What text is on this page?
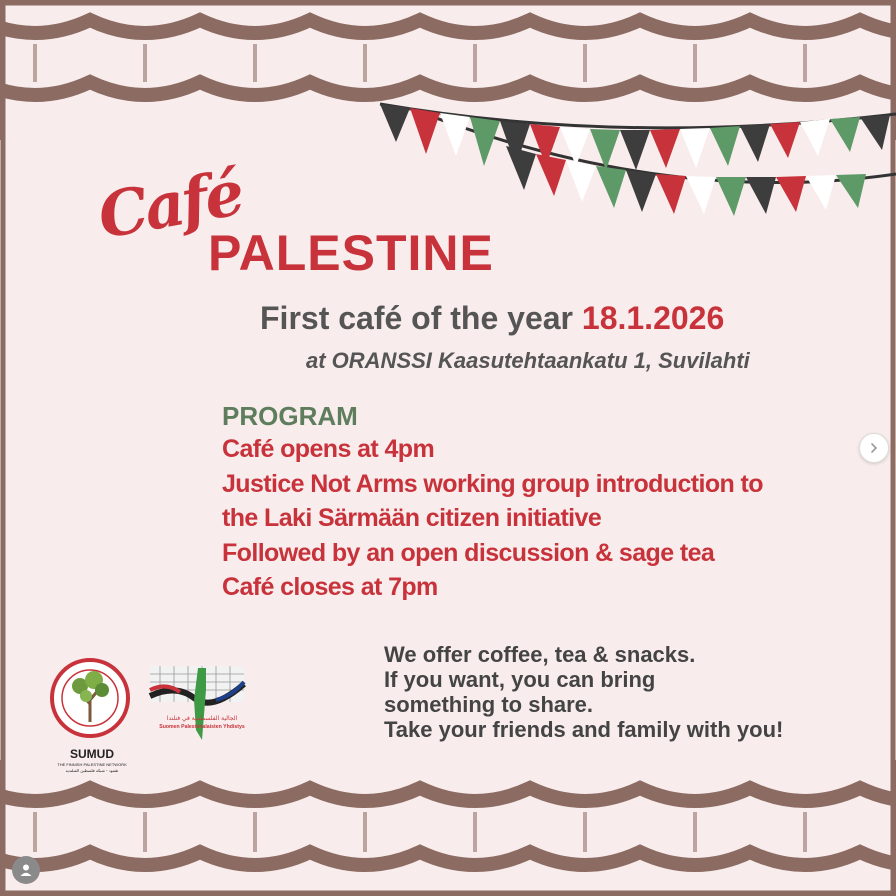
Café
PALESTINE
First café of the year 18.1.2026
at ORANSSI Kaasutehtaankatu 1, Suvilahti
PROGRAM
Café opens at 4pm
Justice Not Arms working group introduction to
the Laki Särmään citizen initiative
Followed by an open discussion & sage tea
Café closes at 7pm
We offer coffee, tea & snacks.
If you want, you can bring
something to share.
Take your friends and family with you!
SUMUD
THE FINNISH PALESTINE NETWORK
صُمود - شبكة فلسطين الفنلندية
الجالية الفلسطينية في فنلندا
Suomen Palestiinalaisten Yhdistys
